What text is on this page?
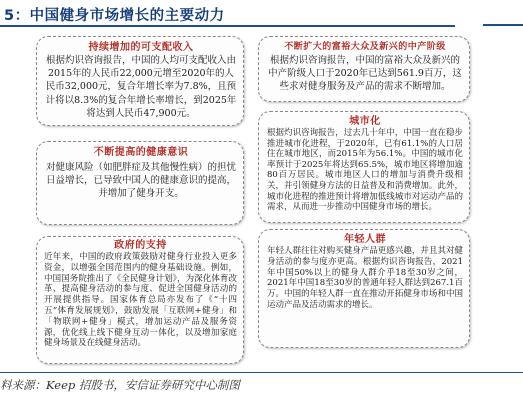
5：中国健身市场增长的主要动力
持续增加的可支配收入
根据灼识咨询报告，中国的人均可支配收入由2015年的人民币22,000元增至2020年的人民币32,000元，复合年增长率为7.8%，且预计将以8.3%的复合年增长率增长，到2025年将达到人民币47,900元。
不断提高的健康意识
对健康风险（如肥胖症及其他慢性病）的担忧日益增长，已导致中国人的健康意识的提高，并增加了健身开支。
政府的支持
近年来，中国的政府政策鼓励对健身行业投入更多资金，以增强全国范围内的健身基础设施。例如，中国国务院推出了《全民健身计划》，为深化体育改革、提高健身活动的参与度、促进全国健身活动的开展提供指导。国家体育总局亦发布了《“十四五”体育发展规划》，鼓励发展「互联网+健身」和「物联网+健身」模式，增加运动产品及服务资源，优化线上线下健身互动一体化，以及增加家庭健身场景及在线健身活动。
不断扩大的富裕大众及新兴的中产阶级
根据灼识咨询报告，中国的富裕大众及新兴的中产阶级人口于2020年已达到561.9百万，这些求对健身服务及产品的需求不断增加。
城市化
根据灼识咨询报告，过去几十年中，中国一直在稳步推进城市化进程，于2020年，已有61.1%的人口居住在城市地区，而2015年为56.1%。中国的城市化率预计于2025年将达到65.5%，城市地区将增加逾80百万居民。城市地区人口的增加与消费升级相关，并引领健身方法的日益普及和消费增加。此外，城市化进程的推进预计将增加低线城市对运动产品的需求，从而进一步推动中国健身市场的增长。
年轻人群
年轻人群往往对购买健身产品更感兴趣，并且其对健身活动的参与度亦更高。根据灼识咨询报告，2021年中国50%以上的健身人群介乎18至30岁之间，2021年中国18至30岁的普通年轻人群达到267.1百万。中国的年轻人群一直在推动开拓健身市场和中国运动产品及活动需求的增长。
料来源：Keep 招股书，安信证券研究中心制图
